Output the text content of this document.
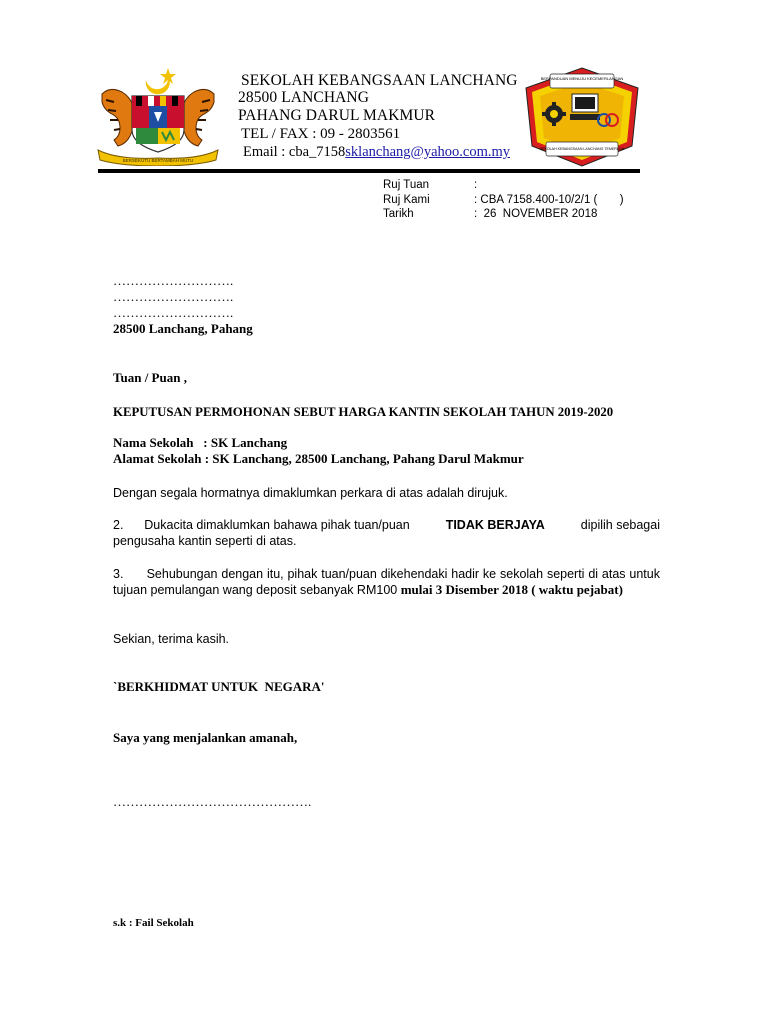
BERSEKUTU BERTAMBAH MUTU
SEKOLAH KEBANGSAAN LANCHANG
28500 LANCHANG
PAHANG DARUL MAKMUR
TEL / FAX : 09 - 2803561
Email : cba_7158sklanchang@yahoo.com.my
BERPANDUAN MENUJU KECEMERLANGAN
SEKOLAH KEBANGSAAN LANCHANG TEMERLOH
Ruj Tuan	:
Ruj Kami	: CBA 7158.400-10/2/1 (       )
Tarikh	:  26  NOVEMBER 2018
……………………….
……………………….
……………………….
28500 Lanchang, Pahang
Tuan / Puan ,
KEPUTUSAN PERMOHONAN SEBUT HARGA KANTIN SEKOLAH TAHUN 2019-2020
Nama Sekolah   : SK Lanchang
Alamat Sekolah : SK Lanchang, 28500 Lanchang, Pahang Darul Makmur
Dengan segala hormatnya dimaklumkan perkara di atas adalah dirujuk.
2.      Dukacita dimaklumkan bahawa pihak tuan/puan	TIDAK BERJAYA	dipilih sebagai
pengusaha kantin seperti di atas.
3.      Sehubungan dengan itu, pihak tuan/puan dikehendaki hadir ke sekolah seperti di atas untuk
tujuan pemulangan wang deposit sebanyak RM100 mulai 3 Disember 2018 ( waktu pejabat)
Sekian, terima kasih.
`BERKHIDMAT UNTUK  NEGARA'
Saya yang menjalankan amanah,
……………………………………….
s.k : Fail Sekolah
